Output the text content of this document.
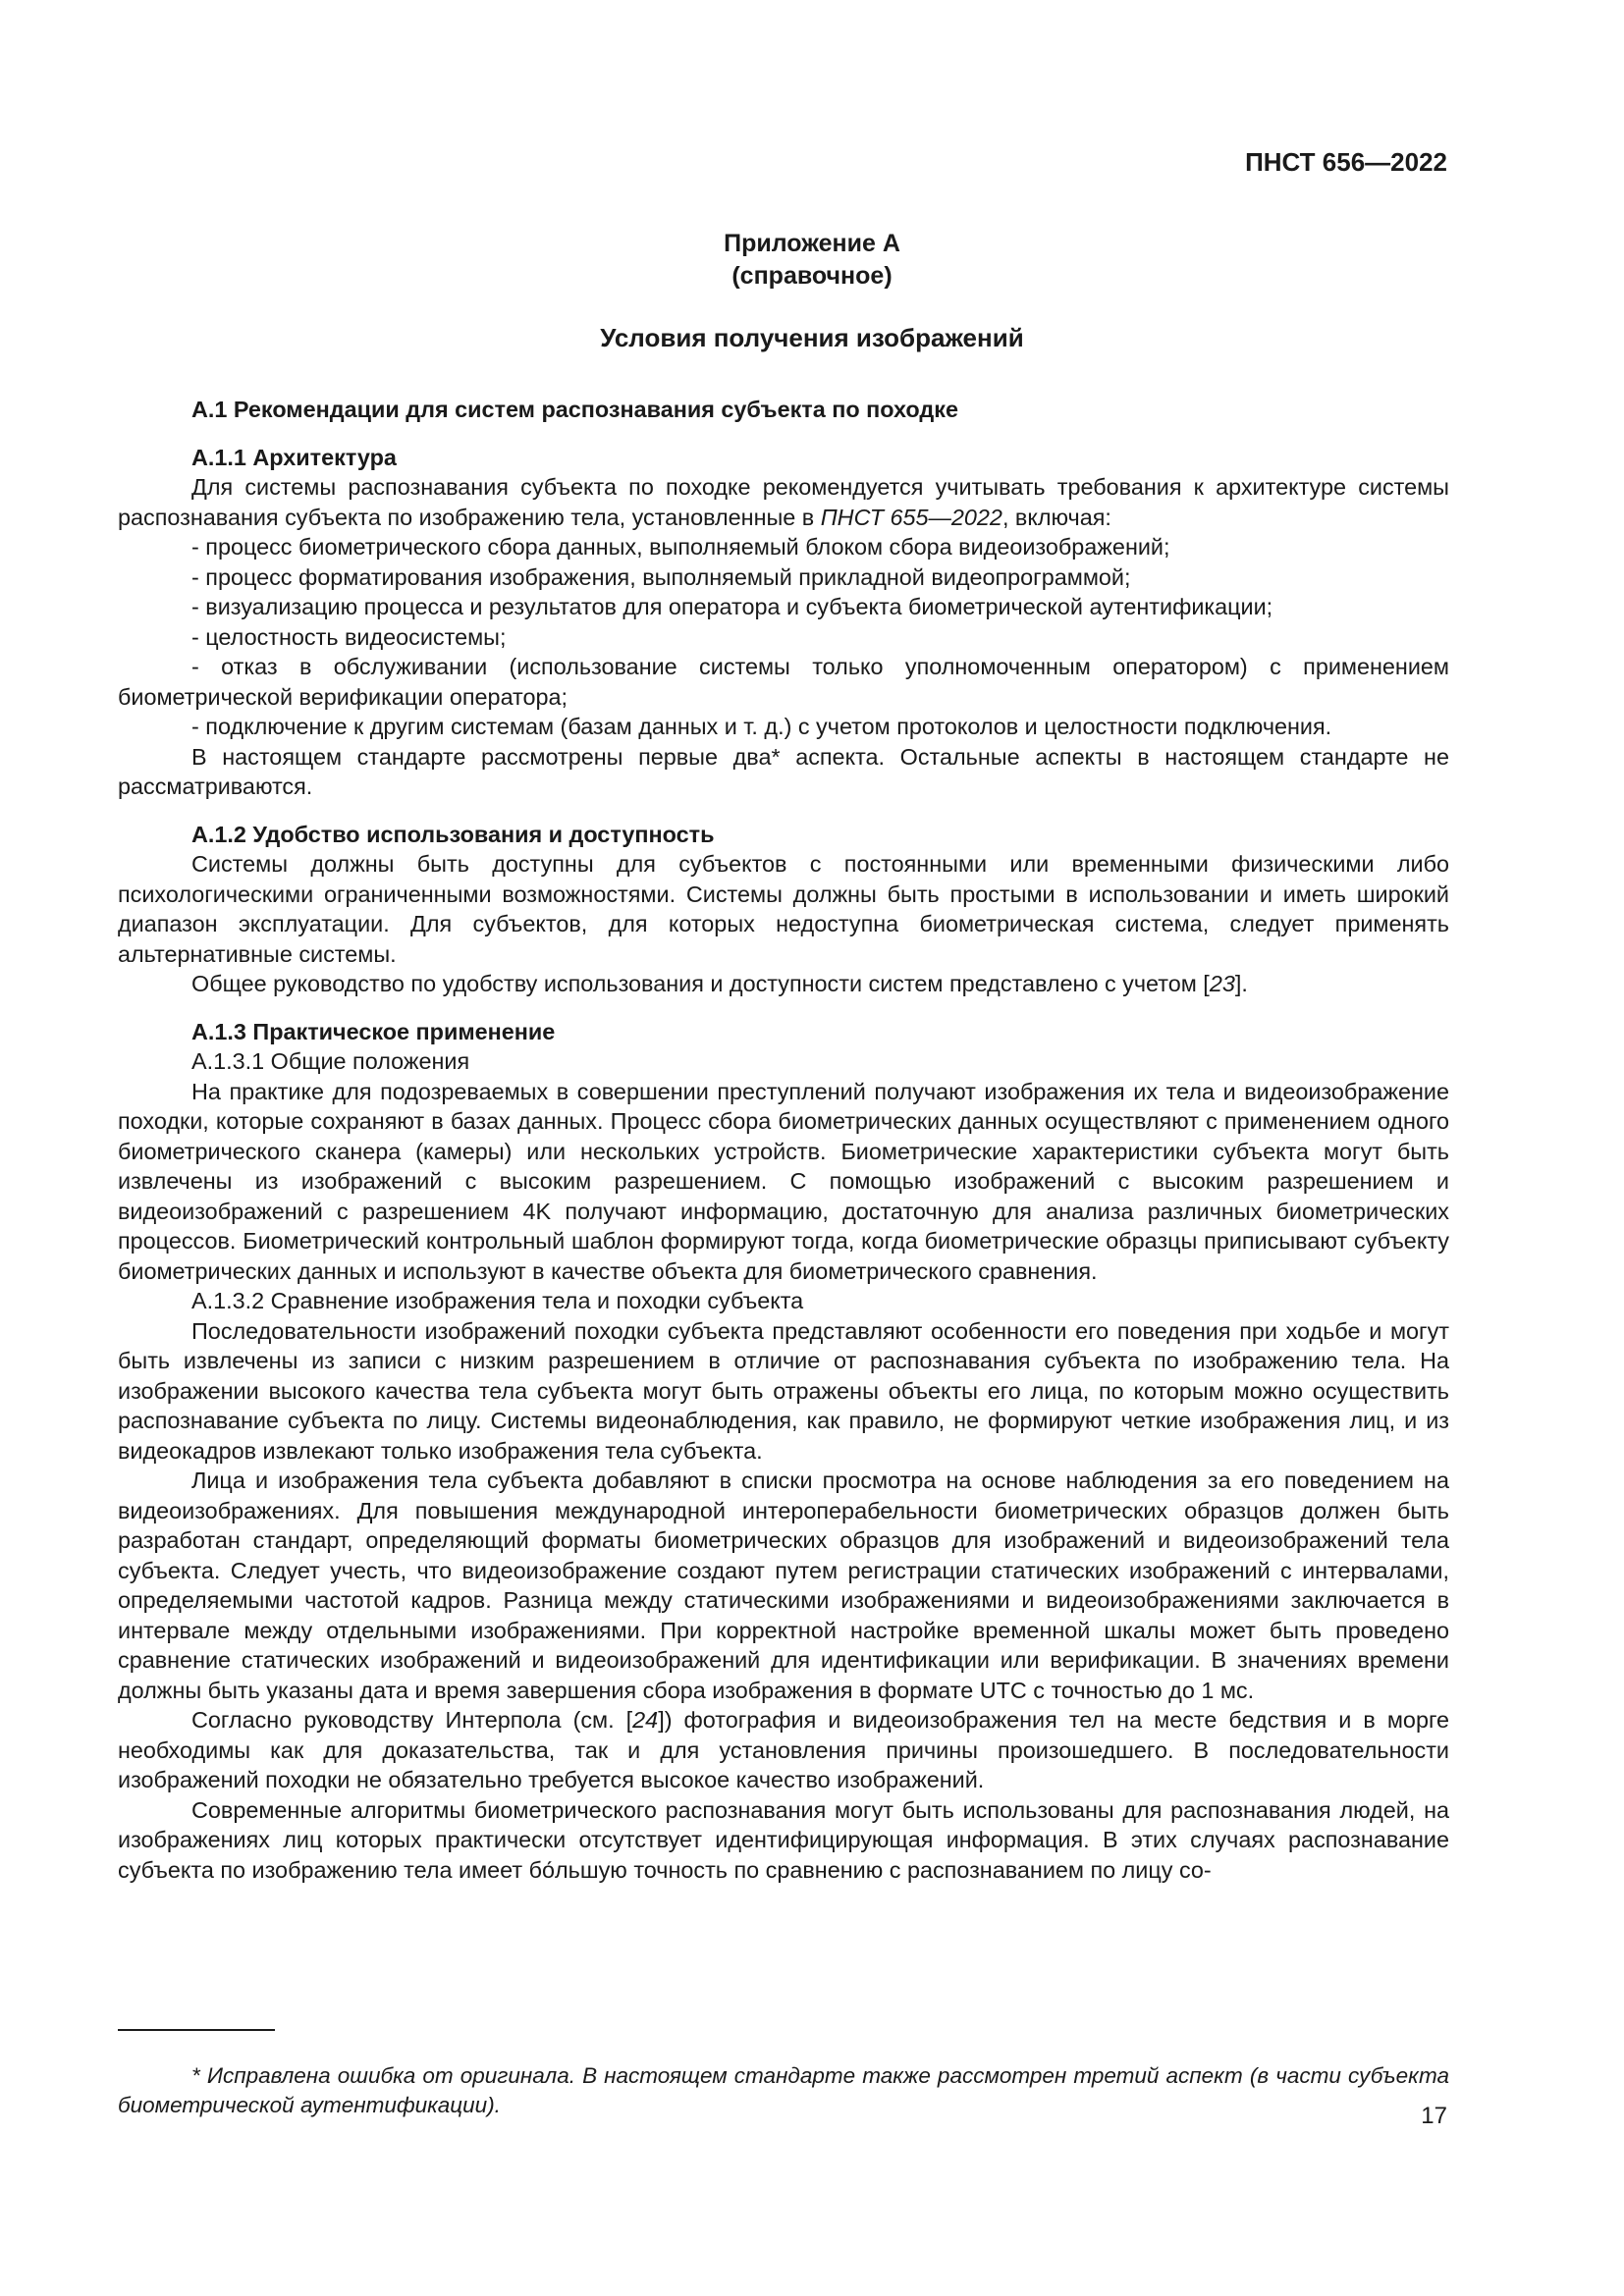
ПНСТ 656—2022
Приложение А
(справочное)
Условия получения изображений

А.1 Рекомендации для систем распознавания субъекта по походке

А.1.1 Архитектура

Для системы распознавания субъекта по походке рекомендуется учитывать требования к архитектуре системы распознавания субъекта по изображению тела, установленные в ПНСТ 655—2022, включая:

- процесс биометрического сбора данных, выполняемый блоком сбора видеоизображений;

- процесс форматирования изображения, выполняемый прикладной видеопрограммой;

- визуализацию процесса и результатов для оператора и субъекта биометрической аутентификации;

- целостность видеосистемы;

- отказ в обслуживании (использование системы только уполномоченным оператором) с применением биометрической верификации оператора;

- подключение к другим системам (базам данных и т. д.) с учетом протоколов и целостности подключения.

В настоящем стандарте рассмотрены первые два* аспекта. Остальные аспекты в настоящем стандарте не рассматриваются.

А.1.2 Удобство использования и доступность

Системы должны быть доступны для субъектов с постоянными или временными физическими либо психологическими ограниченными возможностями. Системы должны быть простыми в использовании и иметь широкий диапазон эксплуатации. Для субъектов, для которых недоступна биометрическая система, следует применять альтернативные системы.

Общее руководство по удобству использования и доступности систем представлено с учетом [23].

А.1.3 Практическое применение

А.1.3.1 Общие положения

На практике для подозреваемых в совершении преступлений получают изображения их тела и видеоизображение походки, которые сохраняют в базах данных. Процесс сбора биометрических данных осуществляют с применением одного биометрического сканера (камеры) или нескольких устройств. Биометрические характеристики субъекта могут быть извлечены из изображений с высоким разрешением. С помощью изображений с высоким разрешением и видеоизображений с разрешением 4K получают информацию, достаточную для анализа различных биометрических процессов. Биометрический контрольный шаблон формируют тогда, когда биометрические образцы приписывают субъекту биометрических данных и используют в качестве объекта для биометрического сравнения.

А.1.3.2 Сравнение изображения тела и походки субъекта

Последовательности изображений походки субъекта представляют особенности его поведения при ходьбе и могут быть извлечены из записи с низким разрешением в отличие от распознавания субъекта по изображению тела. На изображении высокого качества тела субъекта могут быть отражены объекты его лица, по которым можно осуществить распознавание субъекта по лицу. Системы видеонаблюдения, как правило, не формируют четкие изображения лиц, и из видеокадров извлекают только изображения тела субъекта.

Лица и изображения тела субъекта добавляют в списки просмотра на основе наблюдения за его поведением на видеоизображениях. Для повышения международной интероперабельности биометрических образцов должен быть разработан стандарт, определяющий форматы биометрических образцов для изображений и видеоизображений тела субъекта. Следует учесть, что видеоизображение создают путем регистрации статических изображений с интервалами, определяемыми частотой кадров. Разница между статическими изображениями и видеоизображениями заключается в интервале между отдельными изображениями. При корректной настройке временной шкалы может быть проведено сравнение статических изображений и видеоизображений для идентификации или верификации. В значениях времени должны быть указаны дата и время завершения сбора изображения в формате UTC с точностью до 1 мс.

Согласно руководству Интерпола (см. [24]) фотография и видеоизображения тел на месте бедствия и в морге необходимы как для доказательства, так и для установления причины произошедшего. В последовательности изображений походки не обязательно требуется высокое качество изображений.

Современные алгоритмы биометрического распознавания могут быть использованы для распознавания людей, на изображениях лиц которых практически отсутствует идентифицирующая информация. В этих случаях распознавание субъекта по изображению тела имеет бо́льшую точность по сравнению с распознаванием по лицу со-

* Исправлена ошибка от оригинала. В настоящем стандарте также рассмотрен третий аспект (в части субъекта биометрической аутентификации).	17
